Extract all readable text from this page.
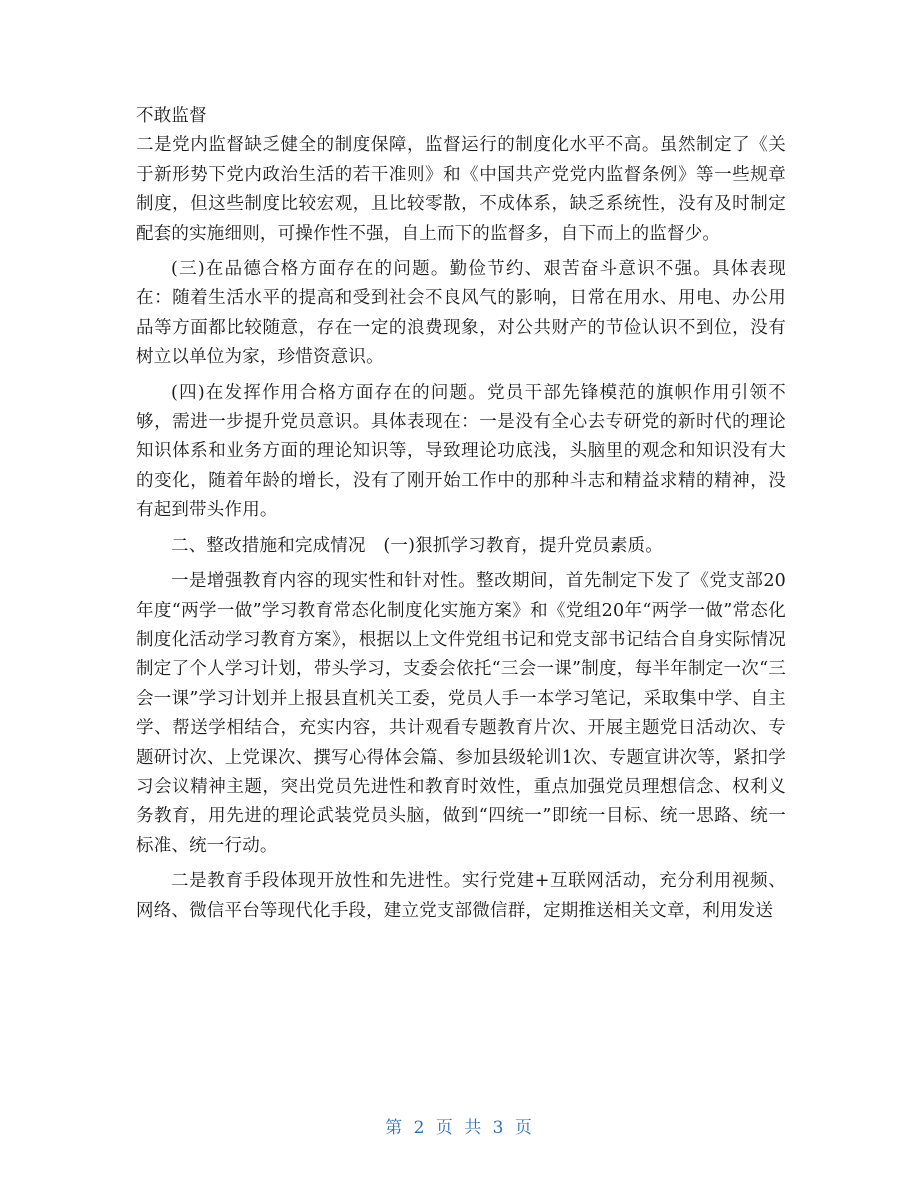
不敢监督

二是党内监督缺乏健全的制度保障，监督运行的制度化水平不高。虽然制定了《关于新形势下党内政治生活的若干准则》和《中国共产党党内监督条例》等一些规章制度，但这些制度比较宏观，且比较零散，不成体系，缺乏系统性，没有及时制定配套的实施细则，可操作性不强，自上而下的监督多，自下而上的监督少。

(三)在品德合格方面存在的问题。勤俭节约、艰苦奋斗意识不强。具体表现在：随着生活水平的提高和受到社会不良风气的影响，日常在用水、用电、办公用品等方面都比较随意，存在一定的浪费现象，对公共财产的节俭认识不到位，没有树立以单位为家，珍惜资意识。

(四)在发挥作用合格方面存在的问题。党员干部先锋模范的旗帜作用引领不够，需进一步提升党员意识。具体表现在：一是没有全心去专研党的新时代的理论知识体系和业务方面的理论知识等，导致理论功底浅，头脑里的观念和知识没有大的变化，随着年龄的增长，没有了刚开始工作中的那种斗志和精益求精的精神，没有起到带头作用。

二、整改措施和完成情况　(一)狠抓学习教育，提升党员素质。

一是增强教育内容的现实性和针对性。整改期间，首先制定下发了《党支部20年度“两学一做”学习教育常态化制度化实施方案》和《党组20年“两学一做”常态化制度化活动学习教育方案》，根据以上文件党组书记和党支部书记结合自身实际情况制定了个人学习计划，带头学习，支委会依托“三会一课”制度，每半年制定一次“三会一课”学习计划并上报县直机关工委，党员人手一本学习笔记，采取集中学、自主学、帮送学相结合，充实内容，共计观看专题教育片次、开展主题党日活动次、专题研讨次、上党课次、撰写心得体会篇、参加县级轮训1次、专题宣讲次等，紧扣学习会议精神主题，突出党员先进性和教育时效性，重点加强党员理想信念、权利义务教育，用先进的理论武装党员头脑，做到“四统一”即统一目标、统一思路、统一标准、统一行动。

二是教育手段体现开放性和先进性。实行党建+互联网活动，充分利用视频、网络、微信平台等现代化手段，建立党支部微信群，定期推送相关文章，利用发送

第 2 页 共 3 页
